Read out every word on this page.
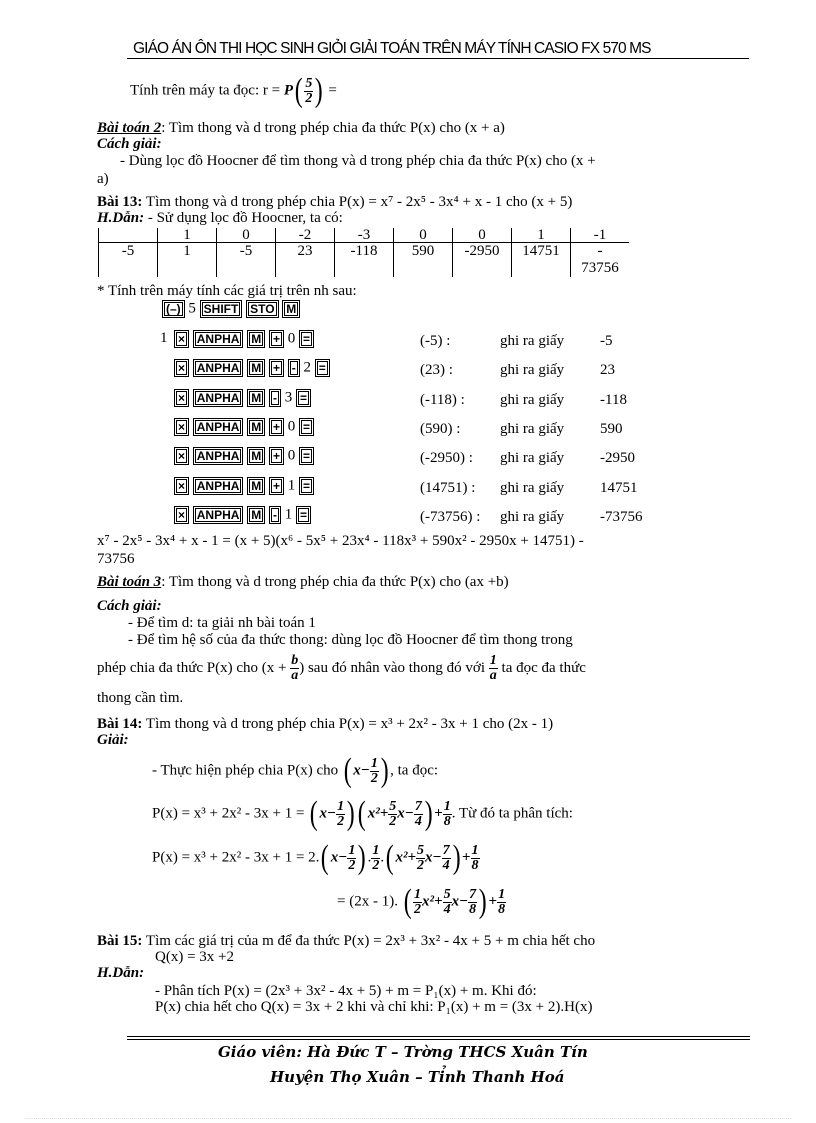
GIÁO ÁN ÔN THI HỌC SINH GIỎI GIẢI TOÁN TRÊN MÁY TÍNH CASIO FX 570 MS
Tính trên máy ta đọc: $r = P( \frac{5}{2}$ ) =
Bài toán 2: Tìm thong và d trong phép chia đa thức P(x) cho (x + a)
Cách giải:
- Dùng lọc đồ Hoocner để tìm thong và d trong phép chia đa thức P(x) cho (x +
a)
Bài 13: Tìm thong và d trong phép chia P(x) = x⁷ - 2x⁵ - 3x⁴ + x - 1 cho (x + 5)
H.Dẫn: - Sử dụng lọc đồ Hoocner, ta có:
	1	0	-2	-3	0	0	1	-1
-5	1	-5	23	-118	590	-2950	14751	-
73756
* Tính trên máy tính các giá trị trên nh sau:
(–) 5 SHIFT STO M
1 × ANPHA M + 0 =	(-5) :	ghi ra giấy -5
× ANPHA M + - 2 =	(23) :	ghi ra giấy 23
× ANPHA M - 3 =	(-118) : ghi ra giấy -118
× ANPHA M + 0 =	(590) :	ghi ra giấy 590
× ANPHA M + 0 =	(-2950) : ghi ra giấy -2950
× ANPHA M + 1 =	(14751) : ghi ra giấy 14751
× ANPHA M - 1 =	(-73756) : ghi ra giấy -73756
x⁷ - 2x⁵ - 3x⁴ + x - 1 = (x + 5)(x⁶ - 5x⁵ + 23x⁴ - 118x³ + 590x² - 2950x + 14751) -
73756
Bài toán 3: Tìm thong và d trong phép chia đa thức P(x) cho (ax +b)
Cách giải:
- Để tìm d: ta giải nh bài toán 1
- Để tìm hệ số của đa thức thong: dùng lọc đồ Hoocner để tìm thong trong
phép chia đa thức P(x) cho ($x + \frac{b}{a}$ ) sau đó nhân vào thong đó với $\frac{1}{a}$ ta đọc đa thức
thong cần tìm.
Bài 14: Tìm thong và d trong phép chia P(x) = x³ + 2x² - 3x + 1 cho (2x - 1)
Giải:
- Thực hiện phép chia P(x) cho ( $x- \frac{1}{2}$ ) , ta đọc:
P(x) = x³ + 2x² - 3x + 1 = ( $x- \frac{1}{2}$ )( $x^2+ \frac{5}{2} x- \frac{7}{4}$ ) + $\frac{1}{8}$ . Từ đó ta phân tích:
P(x) = x³ + 2x² - 3x + 1 = 2.( $x- \frac{1}{2}$ ) . $\frac{1}{2}$ .( $x^2+ \frac{5}{2} x- \frac{7}{4}$ ) + $\frac{1}{8}$
= (2x - 1). ( $\frac{1}{2} x^2+ \frac{5}{4} x- \frac{7}{8}$ ) + $\frac{1}{8}$
Bài 15: Tìm các giá trị của m để đa thức P(x) = 2x³ + 3x² - 4x + 5 + m chia hết cho
Q(x) = 3x +2
H.Dẫn:
- Phân tích P(x) = (2x³ + 3x² - 4x + 5) + m = P₁(x) + m. Khi đó:
P(x) chia hết cho Q(x) = 3x + 2 khi và chỉ khi: P₁(x) + m = (3x + 2).H(x)
Giáo viên: Hà Đức T – Trờng THCS Xuân Tín
Huyện Thọ Xuân – Tỉnh Thanh Hoá
